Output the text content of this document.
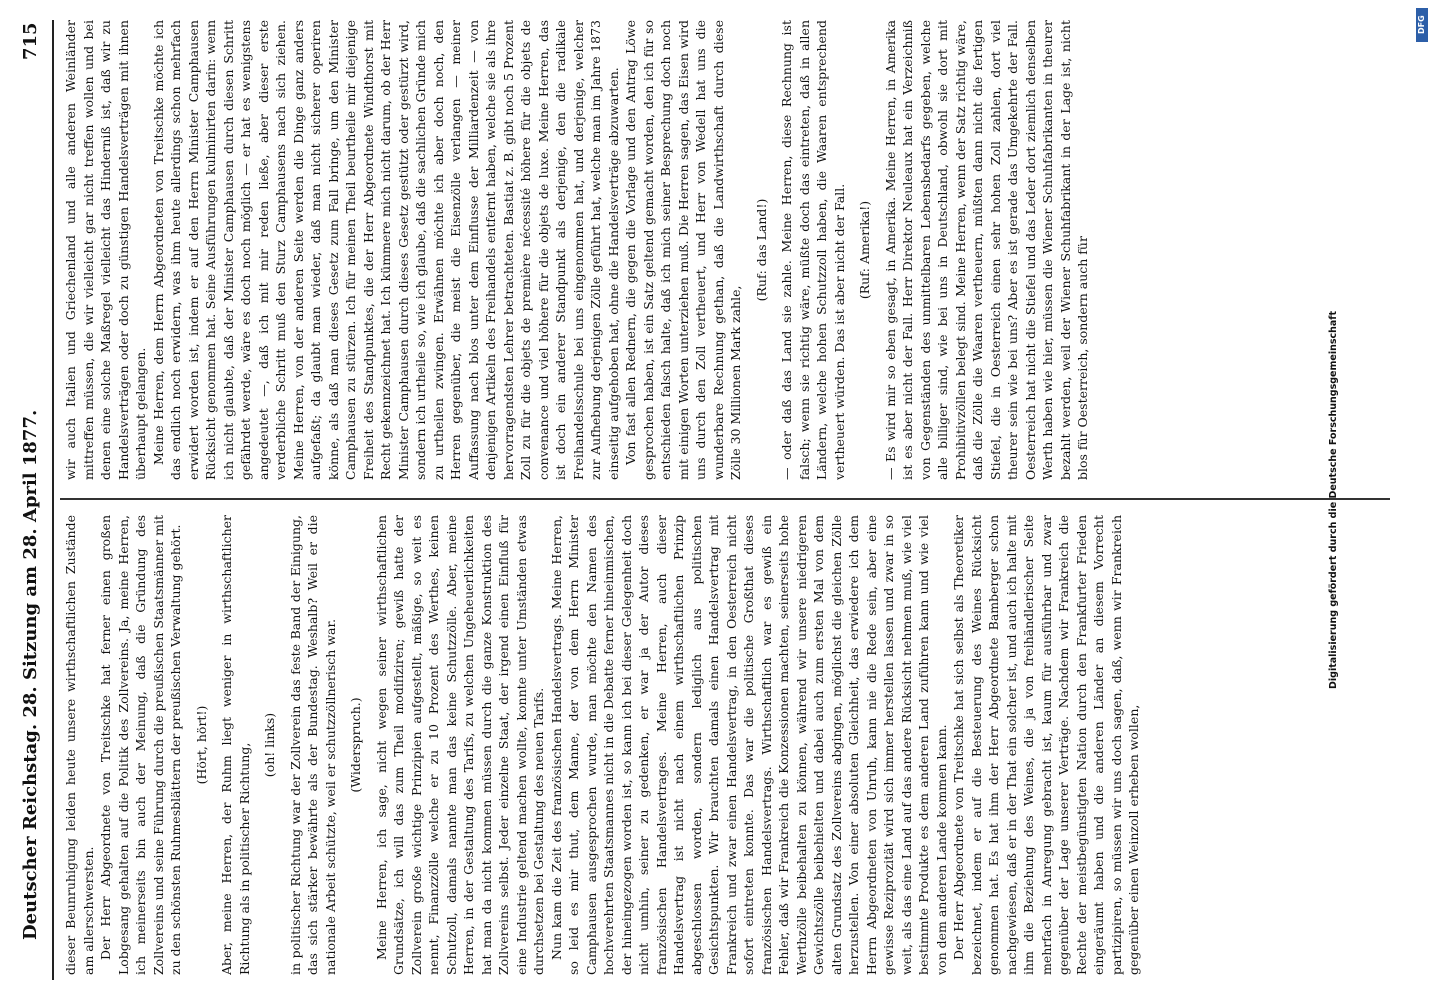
Deutscher Reichstag. 28. Sitzung am 28. April 1877.
715

dieser Beunruhigung leiden heute unsere wirthschaftlichen Zustände am allerschwersten. Der Herr Abgeordnete von Treitschke hat ferner einen großen Lobgesang gehalten auf die Politik des Zollvereins. Ja, meine Herren, ich meinerseits bin auch der Meinung, daß die Gründung des Zollvereins und seine Führung durch die preußischen Staatsmänner mit zu den schönsten Ruhmesblättern der preußischen Verwaltung gehört. (Hört, hört!) Aber, meine Herren, der Ruhm liegt weniger in wirthschaftlicher Richtung als in politischer Richtung, (oh! links) in politischer Richtung war der Zollverein das feste Band der Einigung, das sich stärker bewährte als der Bundestag. Weshalb? Weil er die nationale Arbeit schützte, weil er schutzzöllnerisch war. (Widerspruch.) Meine Herren, ich sage, nicht wegen seiner wirthschaftlichen Grundsätze, ich will das zum Theil modifiziren; gewiß hatte der Zollverein große wichtige Prinzipien aufgestellt, mäßige, so weit es nennt, Finanzzölle welche er zu 10 Prozent des Werthes, keinen Schutzoll, damals nannte man das keine Schutzzölle. Aber, meine Herren, in der Gestaltung des Tarifs, zu welchen Ungeheuerlichkeiten hat man da nicht kommen müssen durch die ganze Konstruktion des Zollvereins selbst. Jeder einzelne Staat, der irgend einen Einfluß für eine Industrie geltend machen wollte, konnte unter Umständen etwas durchsetzen bei Gestaltung des neuen Tarifs. Nun kam die Zeit des französischen Handelsvertrags. Meine Herren, so leid es mir thut, dem Manne, der von dem Herrn Minister Camphausen ausgesprochen wurde, man möchte den Namen des hochverehrten Staatsmannes nicht in die Debatte ferner hineinmischen, der hineingezogen worden ist, so kann ich bei dieser Gelegenheit doch nicht umhin, seiner zu gedenken, er war ja der Autor dieses französischen Handelsvertrages. Meine Herren, auch dieser Handelsvertrag ist nicht nach einem wirthschaftlichen Prinzip abgeschlossen worden, sondern lediglich aus politischen Gesichtspunkten. Wir brauchten damals einen Handelsvertrag mit Frankreich und zwar einen Handelsvertrag, in den Oesterreich nicht sofort eintreten konnte. Das war die politische Großthat dieses französischen Handelsvertrags. Wirthschaftlich war es gewiß ein Fehler, daß wir Frankreich die Konzessionen machten, seinerseits hohe Werthzölle beibehalten zu können, während wir unsere niedrigeren Gewichtszölle beibehielten und dabei auch zum ersten Mal von dem alten Grundsatz des Zollvereins abgingen, möglichst die gleichen Zölle herzustellen. Von einer absoluten Gleichheit, das erwiedere ich dem Herrn Abgeordneten von Unruh, kann nie die Rede sein, aber eine gewisse Reziprozität wird sich immer herstellen lassen und zwar in so weit, als das eine Land auf das andere Rücksicht nehmen muß, wie viel bestimmte Produkte es dem anderen Land zuführen kann und wie viel von dem anderen Lande kommen kann. Der Herr Abgeordnete von Treitschke hat sich selbst als Theoretiker bezeichnet, indem er auf die Besteuerung des Weines Rücksicht genommen hat. Es hat ihm der Herr Abgeordnete Bamberger schon nachgewiesen, daß er in der That ein solcher ist, und auch ich halte mit ihm die Beziehung des Weines, die ja von freihändlerischer Seite mehrfach in Anregung gebracht ist, kaum für ausführbar und zwar gegenüber der Lage unserer Verträge. Nachdem wir Frankreich die Rechte der meistbegünstigten Nation durch den Frankfurter Frieden eingeräumt haben und die anderen Länder an diesem Vorrecht partizipiren, so müssen wir uns doch sagen, daß, wenn wir Frankreich gegenüber einen Weinzoll erheben wollen,

wir auch Italien und Griechenland und alle anderen Weinländer mittreffen müssen, die wir vielleicht gar nicht treffen wollen und bei denen eine solche Maßregel vielleicht das Hinderniß ist, daß wir zu Handelsverträgen oder doch zu günstigen Handelsverträgen mit ihnen überhaupt gelangen. Meine Herren, dem Herrn Abgeordneten von Treitschke möchte ich das endlich noch erwidern, was ihm heute allerdings schon mehrfach erwidert worden ist, indem er auf den Herrn Minister Camphausen Rücksicht genommen hat. Seine Ausführungen kulminirten darin: wenn ich nicht glaubte, daß der Minister Camphausen durch diesen Schritt gefährdet werde, wäre es doch noch möglich — er hat es wenigstens angedeutet —, daß ich mit mir reden ließe, aber dieser erste verderbliche Schritt muß den Sturz Camphausens nach sich ziehen. Meine Herren, von der anderen Seite werden die Dinge ganz anders aufgefaßt; da glaubt man wieder, daß man nicht sicherer operiren könne, als daß man dieses Gesetz zum Fall bringe, um den Minister Camphausen zu stürzen. Ich für meinen Theil beurtheile mir diejenige Freiheit des Standpunktes, die der Herr Abgeordnete Windthorst mit Recht gekennzeichnet hat. Ich kümmere mich nicht darum, ob der Herr Minister Camphausen durch dieses Gesetz gestützt oder gestürzt wird, sondern ich urtheile so, wie ich glaube, daß die sachlichen Gründe mich zu urtheilen zwingen. Erwähnen möchte ich aber doch noch, den Herren gegenüber, die meist die Eisenzölle verlangen — meiner Auffassung nach blos unter dem Einflusse der Milliardenzeit — von denjenigen Artikeln des Freihandels entfernt haben, welche sie als ihre hervorragendsten Lehrer betrachteten. Bastiat z. B. gibt noch 5 Prozent Zoll zu für die objets de première nécessité höhere für die objets de convenance und viel höhere für die objets de luxe. Meine Herren, das ist doch ein anderer Standpunkt als derjenige, den die radikale Freihandelsschule bei uns eingenommen hat, und derjenige, welcher zur Aufhebung derjenigen Zölle geführt hat, welche man im Jahre 1873 einseitig aufgehoben hat, ohne die Handelsverträge abzuwarten. Von fast allen Rednern, die gegen die Vorlage und den Antrag Löwe gesprochen haben, ist ein Satz geltend gemacht worden, den ich für so entschieden falsch halte, daß ich mich seiner Besprechung doch noch mit einigen Worten unterziehen muß. Die Herren sagen, das Eisen wird uns durch den Zoll vertheuert, und Herr von Wedell hat uns die wunderbare Rechnung gethan, daß die Landwirthschaft durch diese Zölle 30 Millionen Mark zahle,

(Ruf: das Land!) — oder daß das Land sie zahle. Meine Herren, diese Rechnung ist falsch; wenn sie richtig wäre, müßte doch das eintreten, daß in allen Ländern, welche hohen Schutzzoll haben, die Waaren entsprechend vertheuert würden. Das ist aber nicht der Fall. (Ruf: Amerika!) — Es wird mir so eben gesagt, in Amerika. Meine Herren, in Amerika ist es aber nicht der Fall. Herr Direktor Neuleaux hat ein Verzeichniß von Gegenständen des unmittelbaren Lebensbedarfs gegeben, welche alle billiger sind, wie bei uns in Deutschland, obwohl sie dort mit Prohibitivzöllen belegt sind. Meine Herren, wenn der Satz richtig wäre, daß die Zölle die Waaren vertheuern, müßten dann nicht die fertigen Stiefel, die in Oesterreich einen sehr hohen Zoll zahlen, dort viel theurer sein wie bei uns? Aber es ist gerade das Umgekehrte der Fall. Oesterreich hat nicht die Stiefel und das Leder dort ziemlich denselben Werth haben wie hier, müssen die Wiener Schuhfabrikanten in theurer bezahlt werden, weil der Wiener Schuhfabrikant in der Lage ist, nicht blos für Oesterreich, sondern auch für	Digitalisierung gefördert durch die Deutsche Forschungsgemeinschaft
DFG
